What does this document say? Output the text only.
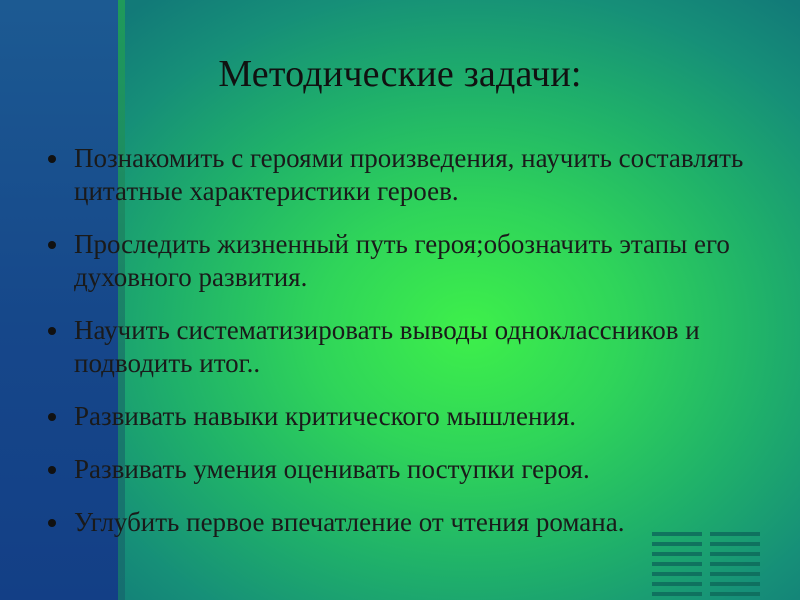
Методические задачи:
Познакомить с героями произведения, научить составлять цитатные характеристики героев.
Проследить жизненный путь героя;обозначить этапы его духовного развития.
Научить систематизировать выводы одноклассников и подводить итог..
Развивать навыки критического мышления.
Развивать умения оценивать поступки героя.
Углубить первое впечатление от чтения романа.
